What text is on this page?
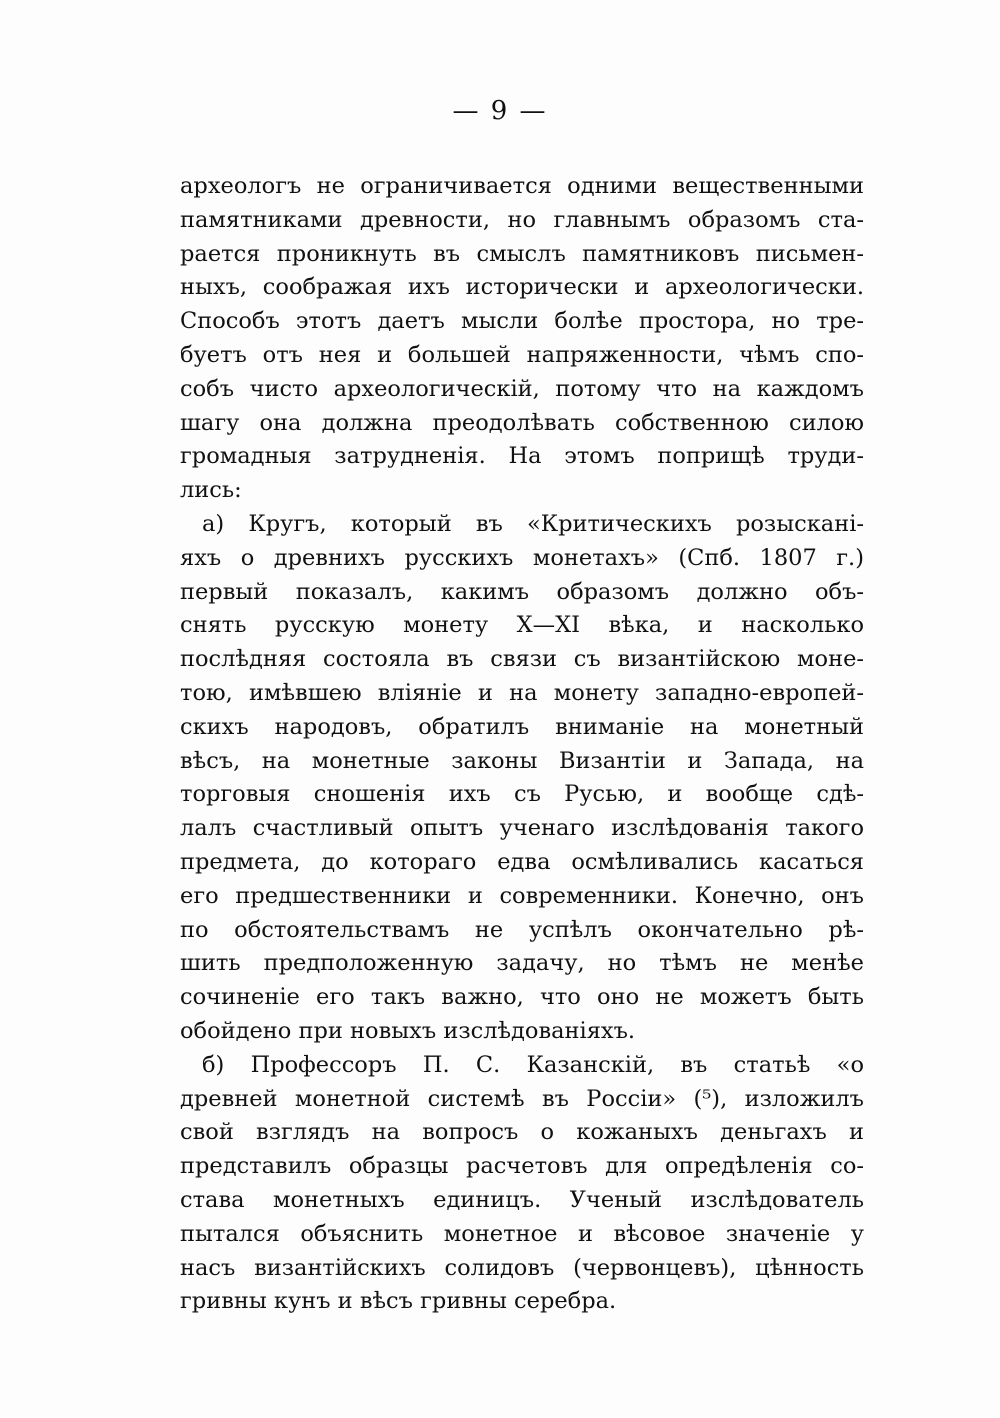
— 9 —
археологъ не ограничивается одними вещественными
памятниками древности, но главнымъ образомъ ста-
рается проникнуть въ смыслъ памятниковъ письмен-
ныхъ, соображая ихъ исторически и археологически.
Способъ этотъ даетъ мысли болѣе простора, но тре-
буетъ отъ нея и большей напряженности, чѣмъ спо-
собъ чисто археологическій, потому что на каждомъ
шагу она должна преодолѣвать собственною силою
громадныя затрудненія. На этомъ поприщѣ труди-
лись:
а) Кругъ, который въ «Критическихъ розыскані-
яхъ о древнихъ русскихъ монетахъ» (Спб. 1807 г.)
первый показалъ, какимъ образомъ должно объ-
снять русскую монету X—XI вѣка, и насколько
послѣдняя состояла въ связи съ византійскою моне-
тою, имѣвшею вліяніе и на монету западно-европей-
скихъ народовъ, обратилъ вниманіе на монетный
вѣсъ, на монетные законы Византіи и Запада, на
торговыя сношенія ихъ съ Русью, и вообще сдѣ-
лалъ счастливый опытъ ученаго изслѣдованія такого
предмета, до котораго едва осмѣливались касаться
его предшественники и современники. Конечно, онъ
по обстоятельствамъ не успѣлъ окончательно рѣ-
шить предположенную задачу, но тѣмъ не менѣе
сочиненіе его такъ важно, что оно не можетъ быть
обойдено при новыхъ изслѣдованіяхъ.
б) Профессоръ П. С. Казанскій, въ статьѣ «о
древней монетной системѣ въ Россіи» (⁵), изложилъ
свой взглядъ на вопросъ о кожаныхъ деньгахъ и
представилъ образцы расчетовъ для опредѣленія со-
става монетныхъ единицъ. Ученый изслѣдователь
пытался объяснить монетное и вѣсовое значеніе у
насъ византійскихъ солидовъ (червонцевъ), цѣнность
гривны кунъ и вѣсъ гривны серебра.
